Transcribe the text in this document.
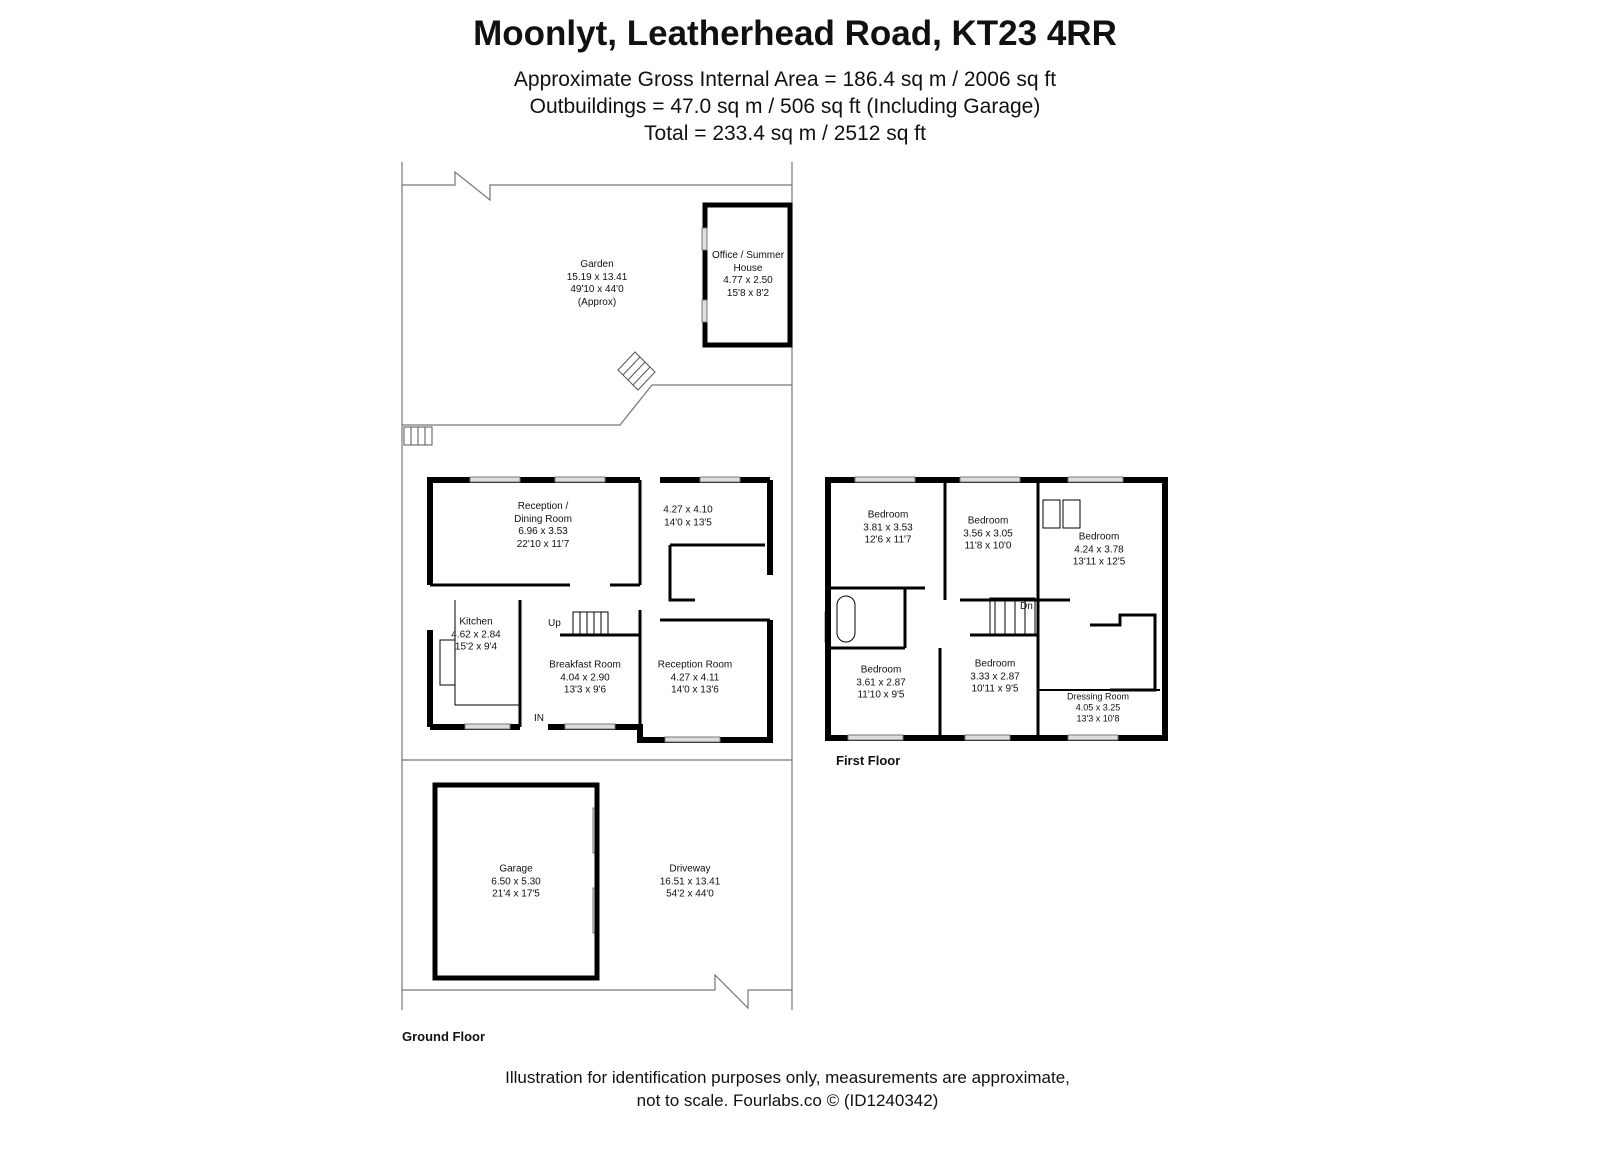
Moonlyt, Leatherhead Road, KT23 4RR
Approximate Gross Internal Area = 186.4 sq m / 2006 sq ft
Outbuildings = 47.0 sq m / 506 sq ft (Including Garage)
Total = 233.4 sq m / 2512 sq ft
Garden
15.19 x 13.41
49'10 x 44'0
(Approx)
Office / Summer House
4.77 x 2.50
15'8 x 8'2
Reception / Dining Room
6.96 x 3.53
22'10 x 11'7
4.27 x 4.10
14'0 x 13'5
Kitchen
4.62 x 2.84
15'2 x 9'4
Breakfast Room
4.04 x 2.90
13'3 x 9'6
Reception Room
4.27 x 4.11
14'0 x 13'6
Garage
6.50 x 5.30
21'4 x 17'5
Driveway
16.51 x 13.41
54'2 x 44'0
Up
IN
Bedroom
3.81 x 3.53
12'6 x 11'7
Bedroom
3.56 x 3.05
11'8 x 10'0
Bedroom
4.24 x 3.78
13'11 x 12'5
Bedroom
3.61 x 2.87
11'10 x 9'5
Bedroom
3.33 x 2.87
10'11 x 9'5
Dressing Room
4.05 x 3.25
13'3 x 10'8
Dn
Ground Floor
First Floor
Illustration for identification purposes only, measurements are approximate,
not to scale. Fourlabs.co © (ID1240342)
